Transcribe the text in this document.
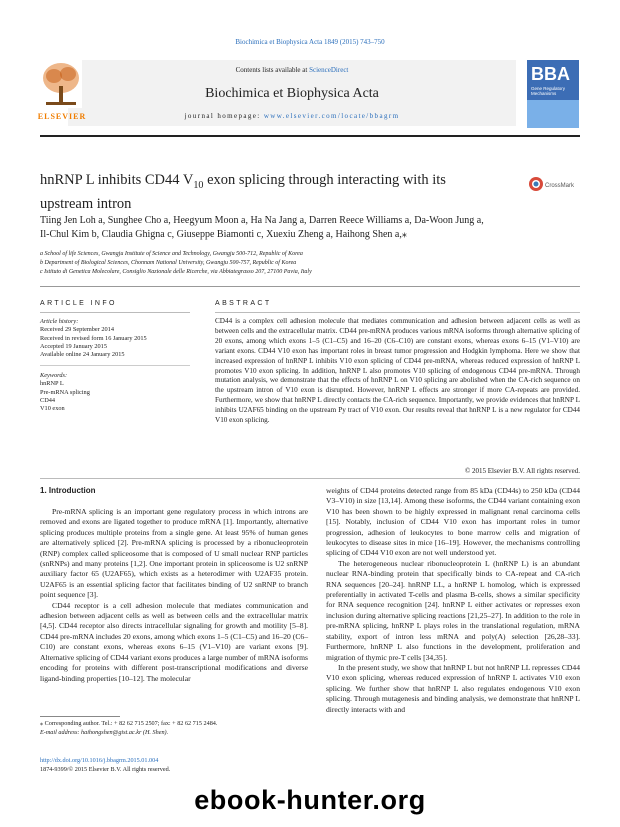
Biochimica et Biophysica Acta 1849 (2015) 743–750
Contents lists available at ScienceDirect
Biochimica et Biophysica Acta
journal homepage: www.elsevier.com/locate/bbagrm
ELSEVIER
BBA
Gene Regulatory Mechanisms
hnRNP L inhibits CD44 $V_{10}$ exon splicing through interacting with its upstream intron
CrossMark
Tiing Jen Loh a, Sunghee Cho a, Heegyum Moon a, Ha Na Jang a, Darren Reece Williams a, Da-Woon Jung a,
Il-Chul Kim b, Claudia Ghigna c, Giuseppe Biamonti c, Xuexiu Zheng a, Haihong Shen a,⁎
a School of life Sciences, Gwangju Institute of Science and Technology, Gwangju 500-712, Republic of Korea
b Department of Biological Sciences, Chonnam National University, Gwangju 500-757, Republic of Korea
c Istituto di Genetica Molecolare, Consiglio Nazionale delle Ricerche, via Abbiategrasso 207, 27100 Pavia, Italy
ARTICLE INFO	ABSTRACT
Article history:
Received 29 September 2014
Received in revised form 16 January 2015
Accepted 19 January 2015
Available online 24 January 2015
Keywords:
hnRNP L
Pre-mRNA splicing
CD44
V10 exon
CD44 is a complex cell adhesion molecule that mediates communication and adhesion between adjacent cells as well as between cells and the extracellular matrix. CD44 pre-mRNA produces various mRNA isoforms through alternative splicing of 20 exons, among which exons 1–5 (C1–C5) and 16–20 (C6–C10) are constant exons, whereas exons 6–15 (V1–V10) are variant exons. CD44 V10 exon has important roles in breast tumor progression and Hodgkin lymphoma. Here we show that increased expression of hnRNP L inhibits V10 exon splicing of CD44 pre-mRNA, whereas reduced expression of hnRNP L promotes V10 exon splicing. In addition, hnRNP L also promotes V10 splicing of endogenous CD44 pre-mRNA. Through mutation analysis, we demonstrate that the effects of hnRNP L on V10 splicing are abolished when the CA-rich sequence on the upstream intron of V10 exon is disrupted. However, hnRNP L effects are stronger if more CA-repeats are provided. Furthermore, we show that hnRNP L directly contacts the CA-rich sequence. Importantly, we provide evidences that hnRNP L inhibits U2AF65 binding on the upstream Py tract of V10 exon. Our results reveal that hnRNP L is a new regulator for CD44 V10 exon splicing.
© 2015 Elsevier B.V. All rights reserved.
1. Introduction

Pre-mRNA splicing is an important gene regulatory process in which introns are removed and exons are ligated together to produce mRNA [1]. Importantly, alternative splicing produces multiple proteins from a single gene. At least 95% of human genes are alternatively spliced [2]. Pre-mRNA splicing is processed by a ribonucleoprotein (RNP) complex called spliceosome that is composed of U small nuclear RNP particles (snRNPs) and many proteins [1,2]. One important protein in spliceosome is U2 snRNP auxiliary factor 65 (U2AF65), which exists as a heterodimer with U2AF35 protein. U2AF65 is an essential splicing factor that facilitates binding of U2 snRNP to branch point sequence [3].

CD44 receptor is a cell adhesion molecule that mediates communication and adhesion between adjacent cells as well as between cells and the extracellular matrix [4,5]. CD44 receptor also directs intracellular signaling for growth and motility [5–8]. CD44 pre-mRNA includes 20 exons, among which exons 1–5 (C1–C5) and 16–20 (C6–C10) are constant exons, whereas exons 6–15 (V1–V10) are variant exons [9]. Alternative splicing of CD44 variant exons produces a large number of mRNA isoforms encoding for proteins with different post-transcriptional modifications and diverse ligand-binding properties [10–12]. The molecular

weights of CD44 proteins detected range from 85 kDa (CD44s) to 250 kDa (CD44 V3–V10) in size [13,14]. Among these isoforms, the CD44 variant containing exon V10 has been shown to be highly expressed in malignant renal carcinoma cells [15]. Notably, inclusion of CD44 V10 exon has important roles in tumor progression, adhesion of leukocytes to bone marrow cells and migration of leukocytes to disease sites in mice [16–19]. However, the mechanisms controlling splicing of CD44 V10 exon are not well understood yet.

The heterogeneous nuclear ribonucleoprotein L (hnRNP L) is an abundant nuclear RNA-binding protein that specifically binds to CA-repeat and CA-rich RNA sequences [20–24]. hnRNP LL, a hnRNP L homolog, which is expressed preferentially in activated T-cells and plasma B-cells, shows a similar specificity for RNA sequence recognition [24]. hnRNP L either activates or represses exon inclusion during alternative splicing reactions [21,25–27]. In addition to the role in pre-mRNA splicing, hnRNP L plays roles in the translational regulation, mRNA stability, export of intron less mRNA and poly(A) selection [26,28–33]. Furthermore, hnRNP L also functions in the development, proliferation and migration of thymic pre-T cells [34,35].

In the present study, we show that hnRNP L but not hnRNP LL represses CD44 V10 exon splicing, whereas reduced expression of hnRNP L activates V10 exon splicing. We further show that hnRNP L also regulates endogenous V10 exon splicing. Through mutagenesis and binding analysis, we demonstrate that hnRNP L directly interacts with and

⁎ Corresponding author. Tel.: + 82 62 715 2507; fax: + 82 62 715 2484.
E-mail address: haihongshen@gist.ac.kr (H. Shen).
http://dx.doi.org/10.1016/j.bbagrm.2015.01.004
1874-9399/© 2015 Elsevier B.V. All rights reserved.
ebook-hunter.org
